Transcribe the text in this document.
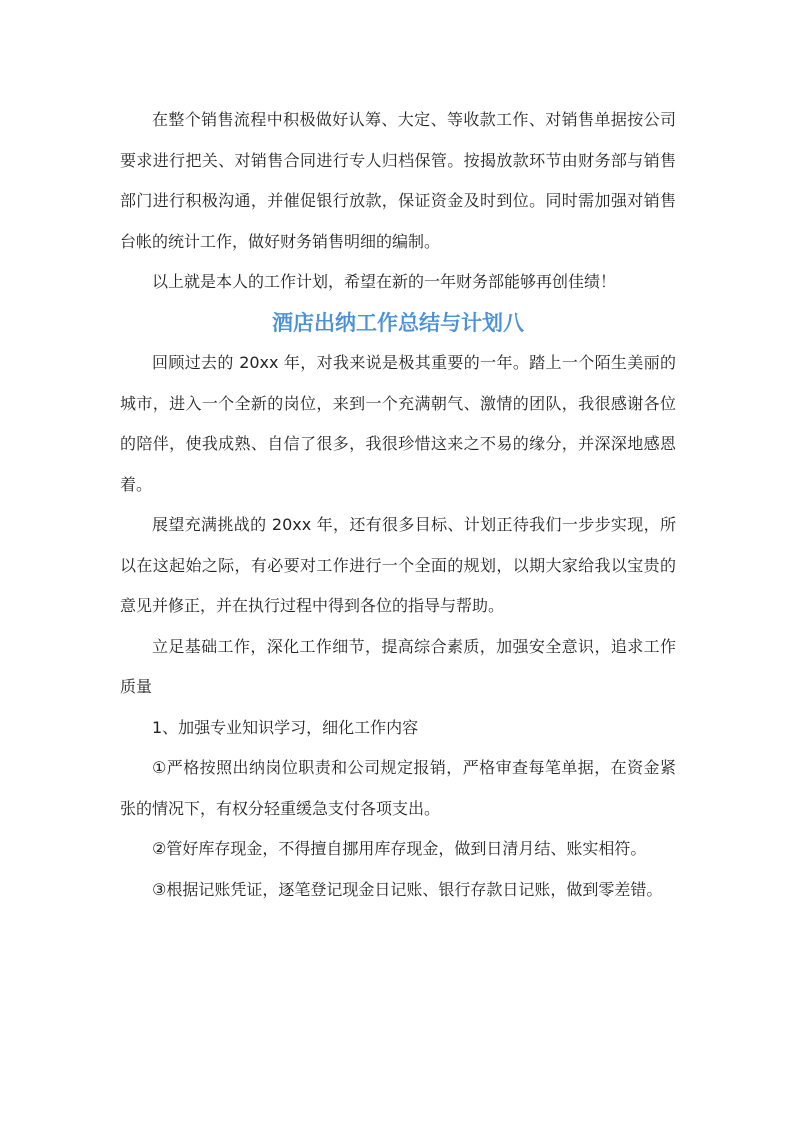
在整个销售流程中积极做好认筹、大定、等收款工作、对销售单据按公司要求进行把关、对销售合同进行专人归档保管。按揭放款环节由财务部与销售部门进行积极沟通，并催促银行放款，保证资金及时到位。同时需加强对销售台帐的统计工作，做好财务销售明细的编制。

以上就是本人的工作计划，希望在新的一年财务部能够再创佳绩！

酒店出纳工作总结与计划八

回顾过去的 20xx 年，对我来说是极其重要的一年。踏上一个陌生美丽的城市，进入一个全新的岗位，来到一个充满朝气、激情的团队，我很感谢各位的陪伴，使我成熟、自信了很多，我很珍惜这来之不易的缘分，并深深地感恩着。

展望充满挑战的 20xx 年，还有很多目标、计划正待我们一步步实现，所以在这起始之际，有必要对工作进行一个全面的规划，以期大家给我以宝贵的意见并修正，并在执行过程中得到各位的指导与帮助。

立足基础工作，深化工作细节，提高综合素质，加强安全意识，追求工作质量

1、加强专业知识学习，细化工作内容

①严格按照出纳岗位职责和公司规定报销，严格审查每笔单据，在资金紧张的情况下，有权分轻重缓急支付各项支出。

②管好库存现金，不得擅自挪用库存现金，做到日清月结、账实相符。

③根据记账凭证，逐笔登记现金日记账、银行存款日记账，做到零差错。
